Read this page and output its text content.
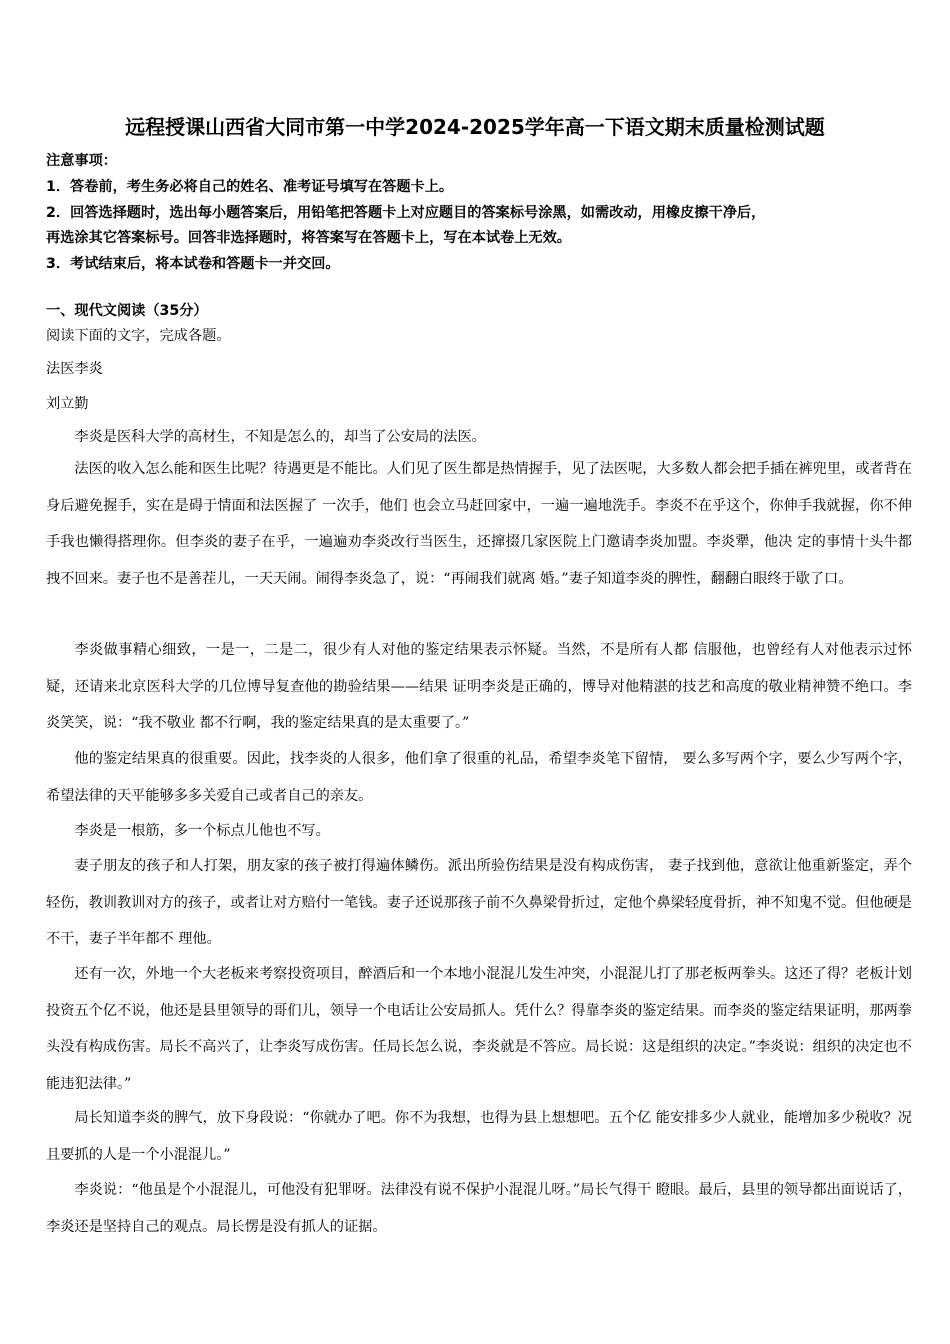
远程授课山西省大同市第一中学2024-2025学年高一下语文期末质量检测试题
注意事项：
1．答卷前，考生务必将自己的姓名、准考证号填写在答题卡上。
2．回答选择题时，选出每小题答案后，用铅笔把答题卡上对应题目的答案标号涂黑，如需改动，用橡皮擦干净后，
再选涂其它答案标号。回答非选择题时，将答案写在答题卡上，写在本试卷上无效。
3．考试结束后，将本试卷和答题卡一并交回。
一、现代文阅读（35分）
阅读下面的文字，完成各题。
法医李炎
刘立勤

李炎是医科大学的高材生，不知是怎么的，却当了公安局的法医。

法医的收入怎么能和医生比呢？待遇更是不能比。人们见了医生都是热情握手，见了法医呢，大多数人都会把手插在裤兜里，或者背在身后避免握手，实在是碍于情面和法医握了 一次手，他们 也会立马赶回家中，一遍一遍地洗手。李炎不在乎这个，你伸手我就握，你不伸手我也懒得搭理你。但李炎的妻子在乎，一遍遍劝李炎改行当医生，还撺掇几家医院上门邀请李炎加盟。李炎犟，他决 定的事情十头牛都拽不回来。妻子也不是善茬儿，一天天闹。闹得李炎急了，说：“再闹我们就离 婚。”妻子知道李炎的脾性，翻翻白眼终于歇了口。

李炎做事精心细致，一是一，二是二，很少有人对他的鉴定结果表示怀疑。当然，不是所有人都 信服他，也曾经有人对他表示过怀疑，还请来北京医科大学的几位博导复查他的勘验结果——结果 证明李炎是正确的，博导对他精湛的技艺和高度的敬业精神赞不绝口。李炎笑笑，说：“我不敬业 都不行啊，我的鉴定结果真的是太重要了。”

他的鉴定结果真的很重要。因此，找李炎的人很多，他们拿了很重的礼品，希望李炎笔下留情， 要么多写两个字，要么少写两个字，希望法律的天平能够多多关爱自己或者自己的亲友。

李炎是一根筋，多一个标点儿他也不写。

妻子朋友的孩子和人打架，朋友家的孩子被打得遍体鳞伤。派出所验伤结果是没有构成伤害， 妻子找到他，意欲让他重新鉴定，弄个轻伤，教训教训对方的孩子，或者让对方赔付一笔钱。妻子还说那孩子前不久鼻梁骨折过，定他个鼻梁轻度骨折，神不知鬼不觉。但他硬是不干，妻子半年都不 理他。

还有一次，外地一个大老板来考察投资项目，醉酒后和一个本地小混混儿发生冲突，小混混儿打了那老板两拳头。这还了得？老板计划投资五个亿不说，他还是县里领导的哥们儿，领导一个电话让公安局抓人。凭什么？得靠李炎的鉴定结果。而李炎的鉴定结果证明，那两拳头没有构成伤害。局长不高兴了，让李炎写成伤害。任局长怎么说，李炎就是不答应。局长说：这是组织的决定。”李炎说：组织的决定也不能违犯法律。”

局长知道李炎的脾气，放下身段说：“你就办了吧。你不为我想，也得为县上想想吧。五个亿 能安排多少人就业，能增加多少税收？况且要抓的人是一个小混混儿。”

李炎说：“他虽是个小混混儿，可他没有犯罪呀。法律没有说不保护小混混儿呀。”局长气得干 瞪眼。最后，县里的领导都出面说话了，李炎还是坚持自己的观点。局长愣是没有抓人的证据。
